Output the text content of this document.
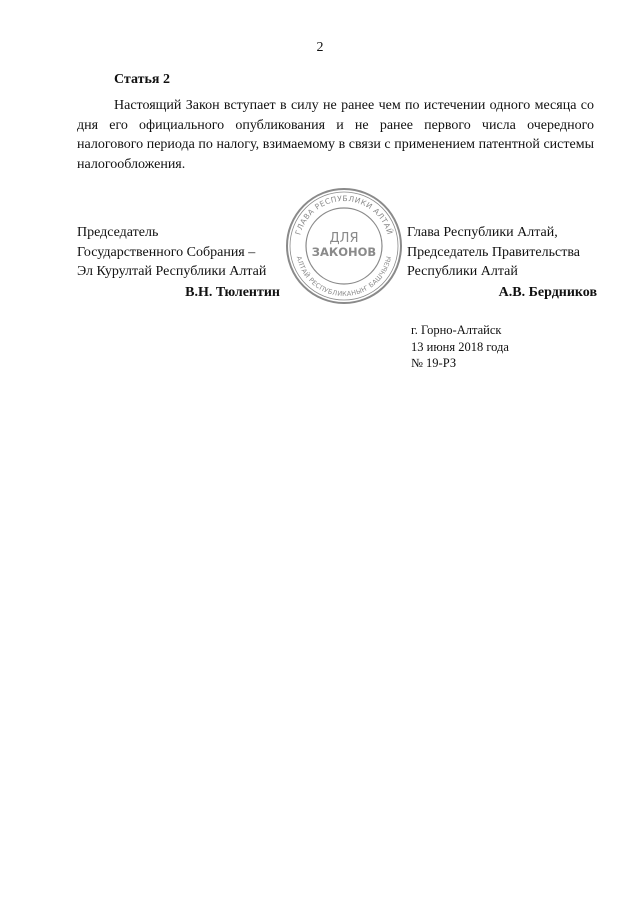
2
Статья 2

Настоящий Закон вступает в силу не ранее чем по истечении одного месяца со дня его официального опубликования и не ранее первого числа очередного налогового периода по налогу, взимаемому в связи с применением патентной системы налогообложения.

Председатель
Государственного Собрания –
Эл Курултай Республики Алтай
В.Н. Тюлентин
ГЛАВА РЕСПУБЛИКИ АЛТАЙ
АЛТАЙ РЕСПУБЛИКАНЫҤ БАШЧЫЗЫ
ДЛЯ
ЗАКОНОВ
Глава Республики Алтай,
Председатель Правительства
Республики Алтай
А.В. Бердников
г. Горно-Алтайск
13 июня 2018 года
№ 19-РЗ
